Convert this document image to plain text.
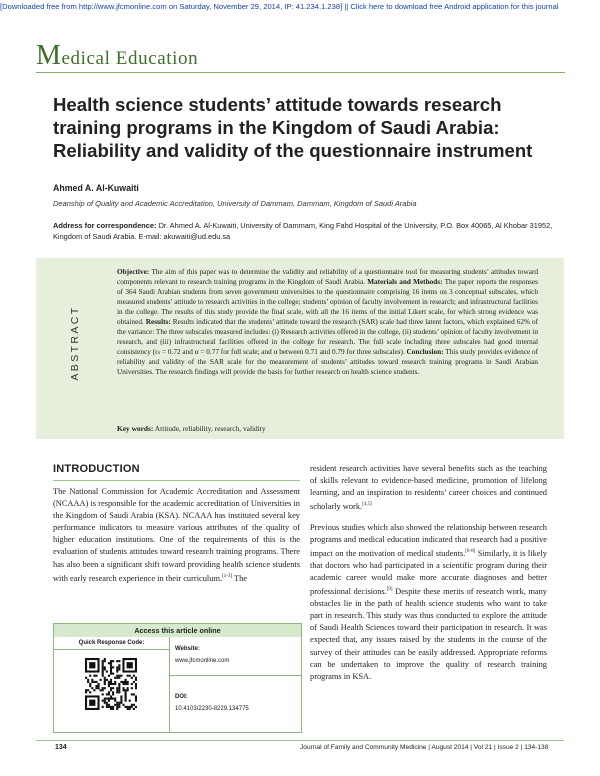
[Downloaded free from http://www.jfcmonline.com on Saturday, November 29, 2014, IP: 41.234.1.238] || Click here to download free Android application for this journal
Medical Education
Health science students’ attitude towards research training programs in the Kingdom of Saudi Arabia: Reliability and validity of the questionnaire instrument
Ahmed A. Al-Kuwaiti
Deanship of Quality and Academic Accreditation, University of Dammam, Dammam, Kingdom of Saudi Arabia
Address for correspondence: Dr. Ahmed A. Al-Kuwaiti, University of Dammam, King Fahd Hospital of the University, P.O. Box 40065, Al Khobar 31952, Kingdom of Saudi Arabia. E-mail: akuwaiti@ud.edu.sa
ABSTRACT
Objective: The aim of this paper was to determine the validity and reliability of a questionnaire tool for measuring students’ attitudes toward components relevant to research training programs in the Kingdom of Saudi Arabia. Materials and Methods: The paper reports the responses of 364 Saudi Arabian students from seven government universities to the questionnaire comprising 16 items on 3 conceptual subscales, which measured students’ attitude to research activities in the college; students’ opinion of faculty involvement in research; and infrastructural facilities in the college. The results of this study provide the final scale, with all the 16 items of the initial Likert scale, for which strong evidence was obtained. Results: Results indicated that the students’ attitude toward the research (SAR) scale had three latent factors, which explained 62% of the variance: The three subscales measured includes: (i) Research activities offered in the college, (ii) students’ opinion of faculty involvement in research, and (iii) infrastructural facilities offered in the college for research. The full scale including three subscales had good internal consistency (rₛ = 0.72 and α = 0.77 for full scale; and α between 0.71 and 0.79 for three subscales). Conclusion: This study provides evidence of reliability and validity of the SAR scale for the measurement of students’ attitudes toward research training programs in Saudi Arabian Universities. The research findings will provide the basis for further research on health science students.
Key words: Attitude, reliability, research, validity
INTRODUCTION
The National Commission for Academic Accreditation and Assessment (NCAAA) is responsible for the academic accreditation of Universities in the Kingdom of Saudi Arabia (KSA). NCAAA has instituted several key performance indicators to measure various attributes of the quality of higher education institutions. One of the requirements of this is the evaluation of students attitudes toward research training programs. There has also been a significant shift toward providing health science students with early research experience in their curriculum.[1-3] The
resident research activities have several benefits such as the teaching of skills relevant to evidence-based medicine, promotion of lifelong learning, and an inspiration to residents’ career choices and continued scholarly work.[4,5]
Previous studies which also showed the relationship between research programs and medical education indicated that research had a positive impact on the motivation of medical students.[6-8] Similarly, it is likely that doctors who had participated in a scientific program during their academic career would make more accurate diagnoses and better professional decisions.[9] Despite these merits of research work, many obstacles lie in the path of health science students who want to take part in research. This study was thus conducted to explore the attitude of Saudi Health Sciences toward their participation in research. It was expected that, any issues raised by the students in the course of the survey of their attitudes can be easily addressed. Appropriate reforms can be undertaken to improve the quality of research training programs in KSA.
Access this article online
Quick Response Code:
Website:
www.jfcmonline.com
DOI:
10.4103/2230-8229.134775
134	Journal of Family and Community Medicine | August 2014 | Vol 21 | Issue 2 | 134-138
